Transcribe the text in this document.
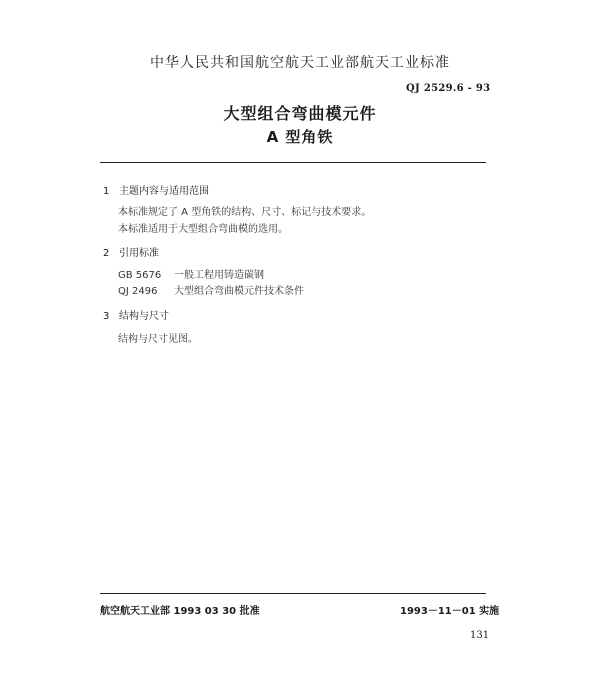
中华人民共和国航空航天工业部航天工业标准
QJ 2529.6 - 93
大型组合弯曲模元件
A 型角铁
1 主题内容与适用范围
本标准规定了 A 型角铁的结构、尺寸、标记与技术要求。
本标准适用于大型组合弯曲模的选用。
2 引用标准
GB 5676 一般工程用铸造碳钢
QJ 2496 大型组合弯曲模元件技术条件
3 结构与尺寸
结构与尺寸见图。
航空航天工业部 1993 03 30 批准	1993－11－01 实施
131
